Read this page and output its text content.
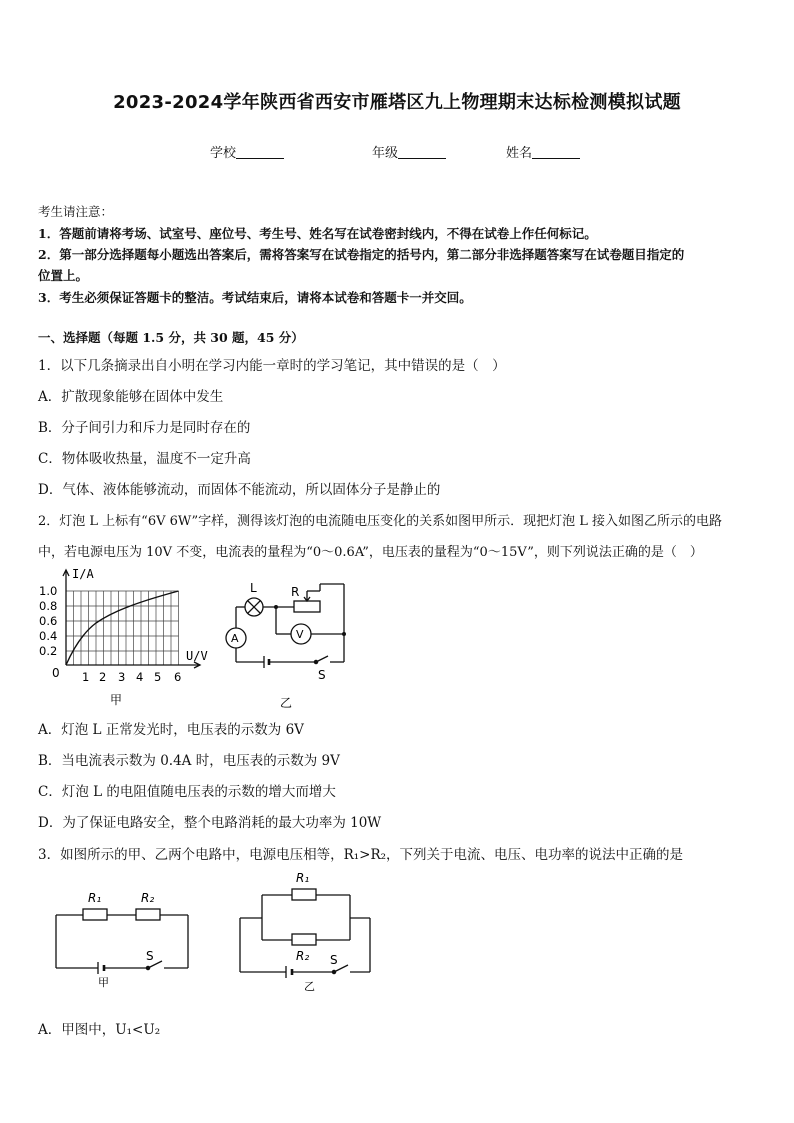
2023-2024学年陕西省西安市雁塔区九上物理期末达标检测模拟试题
学校	年级	姓名
考生请注意：
1．答题前请将考场、试室号、座位号、考生号、姓名写在试卷密封线内，不得在试卷上作任何标记。
2．第一部分选择题每小题选出答案后，需将答案写在试卷指定的括号内，第二部分非选择题答案写在试卷题目指定的
位置上。
3．考生必须保证答题卡的整洁。考试结束后，请将本试卷和答题卡一并交回。
一、选择题（每题 1.5 分，共 30 题，45 分）
1．以下几条摘录出自小明在学习内能一章时的学习笔记，其中错误的是（　）
A．扩散现象能够在固体中发生
B．分子间引力和斥力是同时存在的
C．物体吸收热量，温度不一定升高
D．气体、液体能够流动，而固体不能流动，所以固体分子是静止的
2．灯泡 L 上标有“6V 6W”字样，测得该灯泡的电流随电压变化的关系如图甲所示．现把灯泡 L 接入如图乙所示的电路
中，若电源电压为 10V 不变，电流表的量程为“0～0.6A”，电压表的量程为“0～15V”，则下列说法正确的是（　）
I/A
U/V
0
1.0
0.8
0.6
0.4
0.2
1 2 3 4 5 6
甲
L	R
A	V
S
乙
A．灯泡 L 正常发光时，电压表的示数为 6V
B．当电流表示数为 0.4A 时，电压表的示数为 9V
C．灯泡 L 的电阻值随电压表的示数的增大而增大
D．为了保证电路安全，整个电路消耗的最大功率为 10W
3．如图所示的甲、乙两个电路中，电源电压相等，R₁>R₂，下列关于电流、电压、电功率的说法中正确的是
R₁	R₂
S
甲
R₁
R₂ S
乙
A．甲图中，U₁<U₂
